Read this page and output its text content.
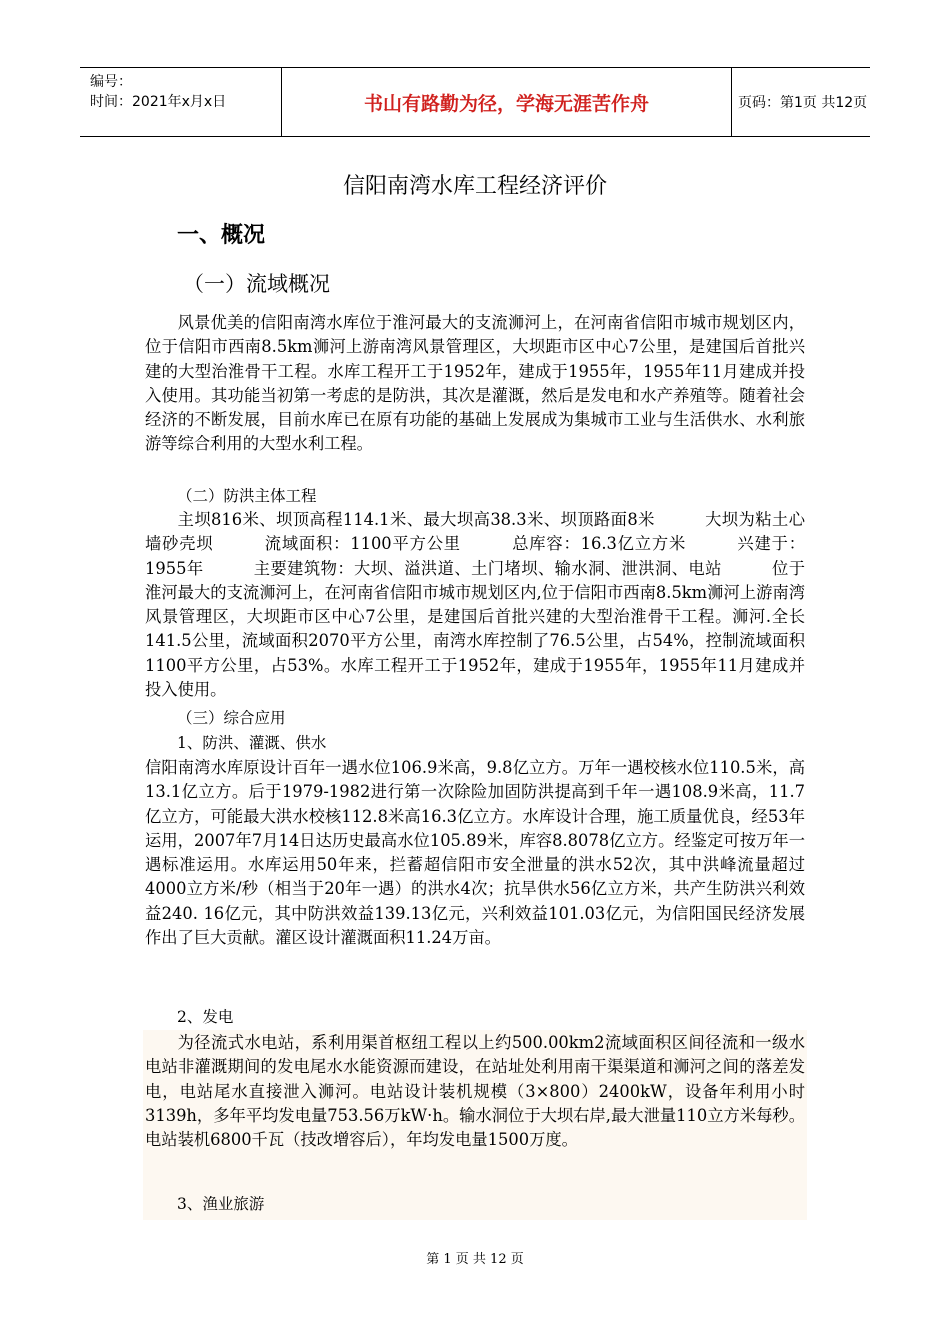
编号：
时间：2021年x月x日	书山有路勤为径，学海无涯苦作舟	页码：第1页 共12页
信阳南湾水库工程经济评价
一、概况
（一）流域概况
风景优美的信阳南湾水库位于淮河最大的支流浉河上，在河南省信阳市城市规划区内，位于信阳市西南8.5km浉河上游南湾风景管理区，大坝距市区中心7公里，是建国后首批兴建的大型治淮骨干工程。水库工程开工于1952年，建成于1955年，1955年11月建成并投入使用。其功能当初第一考虑的是防洪，其次是灌溉，然后是发电和水产养殖等。随着社会经济的不断发展，目前水库已在原有功能的基础上发展成为集城市工业与生活供水、水利旅游等综合利用的大型水利工程。
（二）防洪主体工程
主坝816米、坝顶高程114.1米、最大坝高38.3米、坝顶路面8米　　　大坝为粘土心墙砂壳坝　　　流域面积：1100平方公里　　　总库容：16.3亿立方米　　　兴建于：1955年　　　主要建筑物：大坝、溢洪道、土门堵坝、输水洞、泄洪洞、电站　　　位于淮河最大的支流浉河上，在河南省信阳市城市规划区内,位于信阳市西南8.5km浉河上游南湾风景管理区，大坝距市区中心7公里，是建国后首批兴建的大型治淮骨干工程。浉河.全长141.5公里，流域面积2070平方公里，南湾水库控制了76.5公里，占54%，控制流域面积1100平方公里，占53%。水库工程开工于1952年，建成于1955年，1955年11月建成并投入使用。
（三）综合应用
1、防洪、灌溉、供水
信阳南湾水库原设计百年一遇水位106.9米高，9.8亿立方。万年一遇校核水位110.5米，高13.1亿立方。后于1979-1982进行第一次除险加固防洪提高到千年一遇108.9米高，11.7亿立方，可能最大洪水校核112.8米高16.3亿立方。水库设计合理，施工质量优良，经53年运用，2007年7月14日达历史最高水位105.89米，库容8.8078亿立方。经鉴定可按万年一遇标准运用。水库运用50年来，拦蓄超信阳市安全泄量的洪水52次，其中洪峰流量超过4000立方米/秒（相当于20年一遇）的洪水4次；抗旱供水56亿立方米，共产生防洪兴利效益240. 16亿元，其中防洪效益139.13亿元，兴利效益101.03亿元，为信阳国民经济发展作出了巨大贡献。灌区设计灌溉面积11.24万亩。
2、发电
为径流式水电站，系利用渠首枢纽工程以上约500.00km2流域面积区间径流和一级水电站非灌溉期间的发电尾水水能资源而建设，在站址处利用南干渠渠道和浉河之间的落差发电，电站尾水直接泄入浉河。电站设计装机规模（3×800）2400kW，设备年利用小时3139h，多年平均发电量753.56万kW·h。输水洞位于大坝右岸,最大泄量110立方米每秒。电站装机6800千瓦（技改增容后），年均发电量1500万度。
3、渔业旅游
第 1 页 共 12 页
